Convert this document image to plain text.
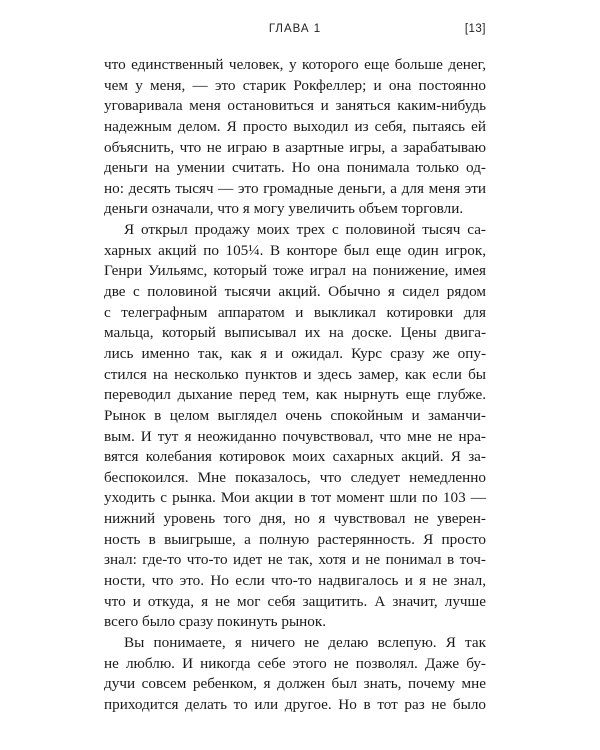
ГЛАВА 1	[13]
что единственный человек, у которого еще больше денег,
чем у меня, — это старик Рокфеллер; и она постоянно
уговаривала меня остановиться и заняться каким-нибудь
надежным делом. Я просто выходил из себя, пытаясь ей
объяснить, что не играю в азартные игры, а зарабатываю
деньги на умении считать. Но она понимала только од-
но: десять тысяч — это громадные деньги, а для меня эти
деньги означали, что я могу увеличить объем торговли.
Я открыл продажу моих трех с половиной тысяч са-
харных акций по 105¼. В конторе был еще один игрок,
Генри Уильямс, который тоже играл на понижение, имея
две с половиной тысячи акций. Обычно я сидел рядом
с телеграфным аппаратом и выкликал котировки для
мальца, который выписывал их на доске. Цены двига-
лись именно так, как я и ожидал. Курс сразу же опу-
стился на несколько пунктов и здесь замер, как если бы
переводил дыхание перед тем, как нырнуть еще глубже.
Рынок в целом выглядел очень спокойным и заманчи-
вым. И тут я неожиданно почувствовал, что мне не нра-
вятся колебания котировок моих сахарных акций. Я за-
беспокоился. Мне показалось, что следует немедленно
уходить с рынка. Мои акции в тот момент шли по 103 —
нижний уровень того дня, но я чувствовал не уверен-
ность в выигрыше, а полную растерянность. Я просто
знал: где-то что-то идет не так, хотя и не понимал в точ-
ности, что это. Но если что-то надвигалось и я не знал,
что и откуда, я не мог себя защитить. А значит, лучше
всего было сразу покинуть рынок.
Вы понимаете, я ничего не делаю вслепую. Я так
не люблю. И никогда себе этого не позволял. Даже бу-
дучи совсем ребенком, я должен был знать, почему мне
приходится делать то или другое. Но в тот раз не было
